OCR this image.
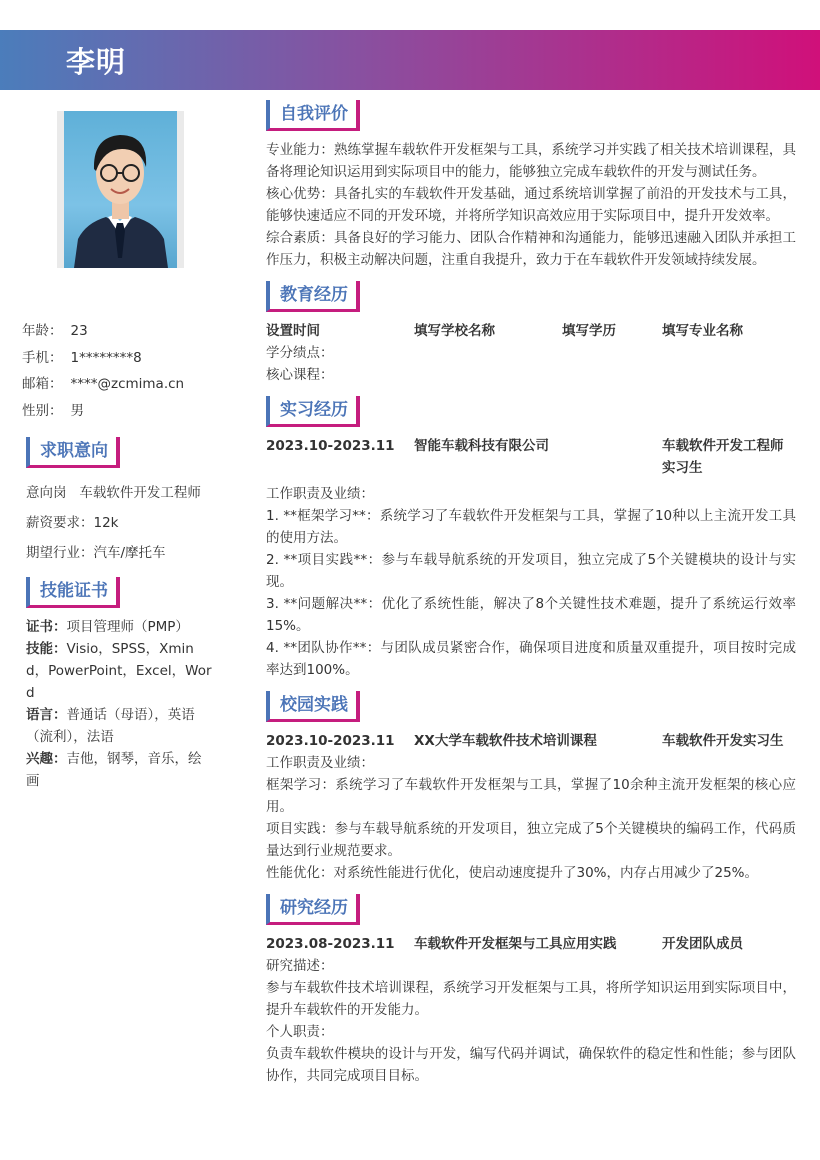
李明
年龄： 23
手机： 1********8
邮箱： ****@zcmima.cn
性别： 男
求职意向
意向岗   车载软件开发工程师
薪资要求：12k
期望行业：汽车/摩托车
技能证书
证书：项目管理师（PMP）
技能：Visio，SPSS，Xmind，PowerPoint，Excel，Word
语言：普通话（母语），英语（流利），法语
兴趣：吉他，钢琴，音乐，绘画
自我评价
专业能力：熟练掌握车载软件开发框架与工具，系统学习并实践了相关技术培训课程，具备将理论知识运用到实际项目中的能力，能够独立完成车载软件的开发与测试任务。
核心优势：具备扎实的车载软件开发基础，通过系统培训掌握了前沿的开发技术与工具，能够快速适应不同的开发环境，并将所学知识高效应用于实际项目中，提升开发效率。
综合素质：具备良好的学习能力、团队合作精神和沟通能力，能够迅速融入团队并承担工作压力，积极主动解决问题，注重自我提升，致力于在车载软件开发领域持续发展。
教育经历
设置时间	填写学校名称	填写学历	填写专业名称
学分绩点：
核心课程：
实习经历
2023.10-2023.11	智能车载科技有限公司	车载软件开发工程师实习生
工作职责及业绩：
1. **框架学习**：系统学习了车载软件开发框架与工具，掌握了10种以上主流开发工具的使用方法。
2. **项目实践**：参与车载导航系统的开发项目，独立完成了5个关键模块的设计与实现。
3. **问题解决**：优化了系统性能，解决了8个关键性技术难题，提升了系统运行效率15%。
4. **团队协作**：与团队成员紧密合作，确保项目进度和质量双重提升，项目按时完成率达到100%。
校园实践
2023.10-2023.11	XX大学车载软件技术培训课程	车载软件开发实习生
工作职责及业绩：
框架学习：系统学习了车载软件开发框架与工具，掌握了10余种主流开发框架的核心应用。
项目实践：参与车载导航系统的开发项目，独立完成了5个关键模块的编码工作，代码质量达到行业规范要求。
性能优化：对系统性能进行优化，使启动速度提升了30%，内存占用减少了25%。
研究经历
2023.08-2023.11	车载软件开发框架与工具应用实践	开发团队成员
研究描述：
参与车载软件技术培训课程，系统学习开发框架与工具，将所学知识运用到实际项目中，提升车载软件的开发能力。
个人职责：
负责车载软件模块的设计与开发，编写代码并调试，确保软件的稳定性和性能；参与团队协作，共同完成项目目标。
